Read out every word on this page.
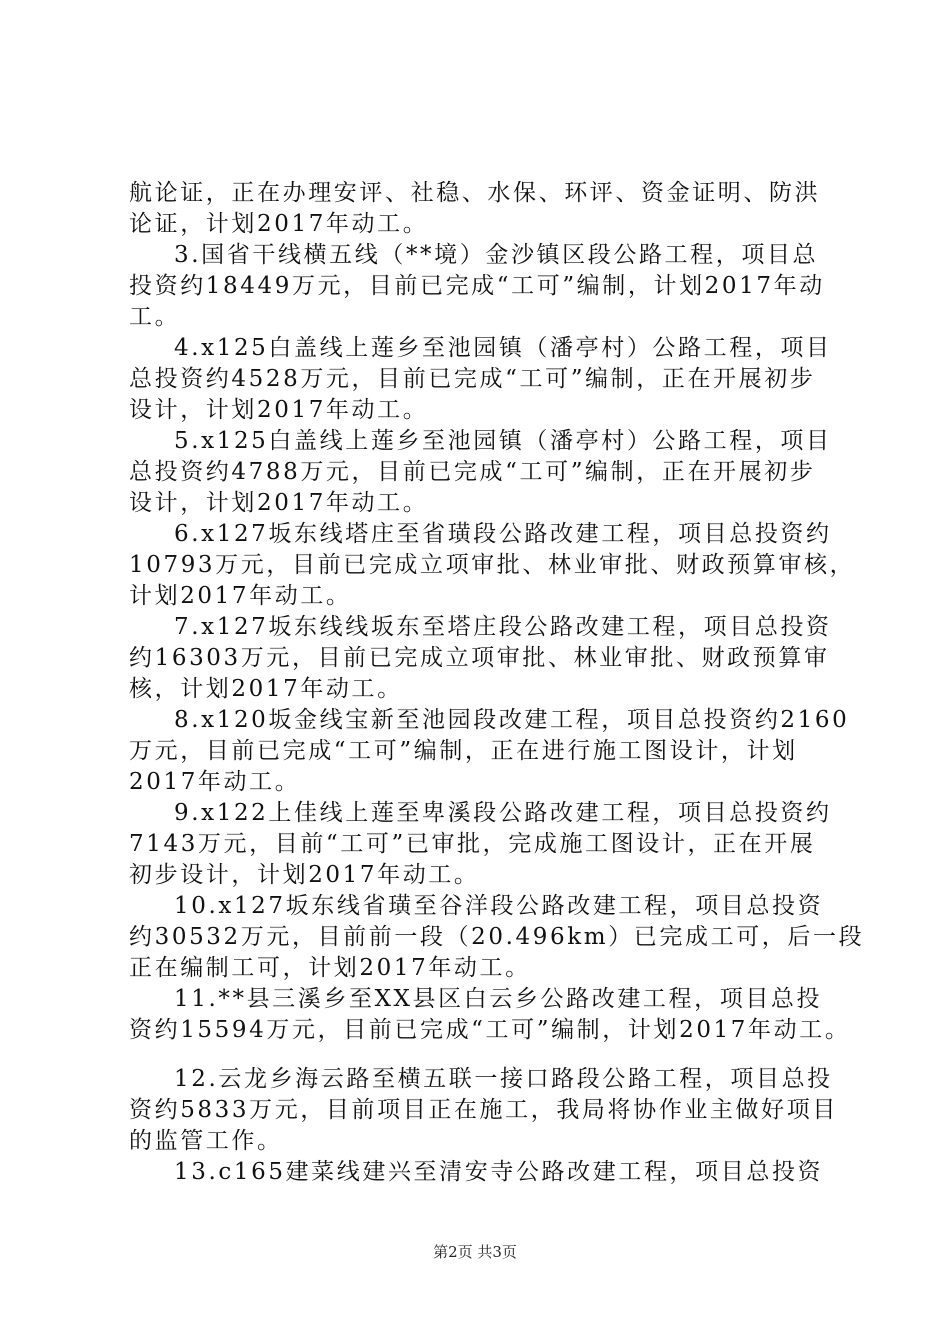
航论证，正在办理安评、社稳、水保、环评、资金证明、防洪
论证，计划2017年动工。
3.国省干线横五线（**境）金沙镇区段公路工程，项目总
投资约18449万元，目前已完成“工可”编制，计划2017年动
工。
4.x125白盖线上莲乡至池园镇（潘亭村）公路工程，项目
总投资约4528万元，目前已完成“工可”编制，正在开展初步
设计，计划2017年动工。
5.x125白盖线上莲乡至池园镇（潘亭村）公路工程，项目
总投资约4788万元，目前已完成“工可”编制，正在开展初步
设计，计划2017年动工。
6.x127坂东线塔庄至省璜段公路改建工程，项目总投资约
10793万元，目前已完成立项审批、林业审批、财政预算审核，
计划2017年动工。
7.x127坂东线线坂东至塔庄段公路改建工程，项目总投资
约16303万元，目前已完成立项审批、林业审批、财政预算审
核，计划2017年动工。
8.x120坂金线宝新至池园段改建工程，项目总投资约2160
万元，目前已完成“工可”编制，正在进行施工图设计，计划
2017年动工。
9.x122上佳线上莲至卑溪段公路改建工程，项目总投资约
7143万元，目前“工可”已审批，完成施工图设计，正在开展
初步设计，计划2017年动工。
10.x127坂东线省璜至谷洋段公路改建工程，项目总投资
约30532万元，目前前一段（20.496km）已完成工可，后一段
正在编制工可，计划2017年动工。
11.**县三溪乡至XX县区白云乡公路改建工程，项目总投
资约15594万元，目前已完成“工可”编制，计划2017年动工。
12.云龙乡海云路至横五联一接口路段公路工程，项目总投
资约5833万元，目前项目正在施工，我局将协作业主做好项目
的监管工作。
13.c165建菜线建兴至清安寺公路改建工程，项目总投资
第2页 共3页
